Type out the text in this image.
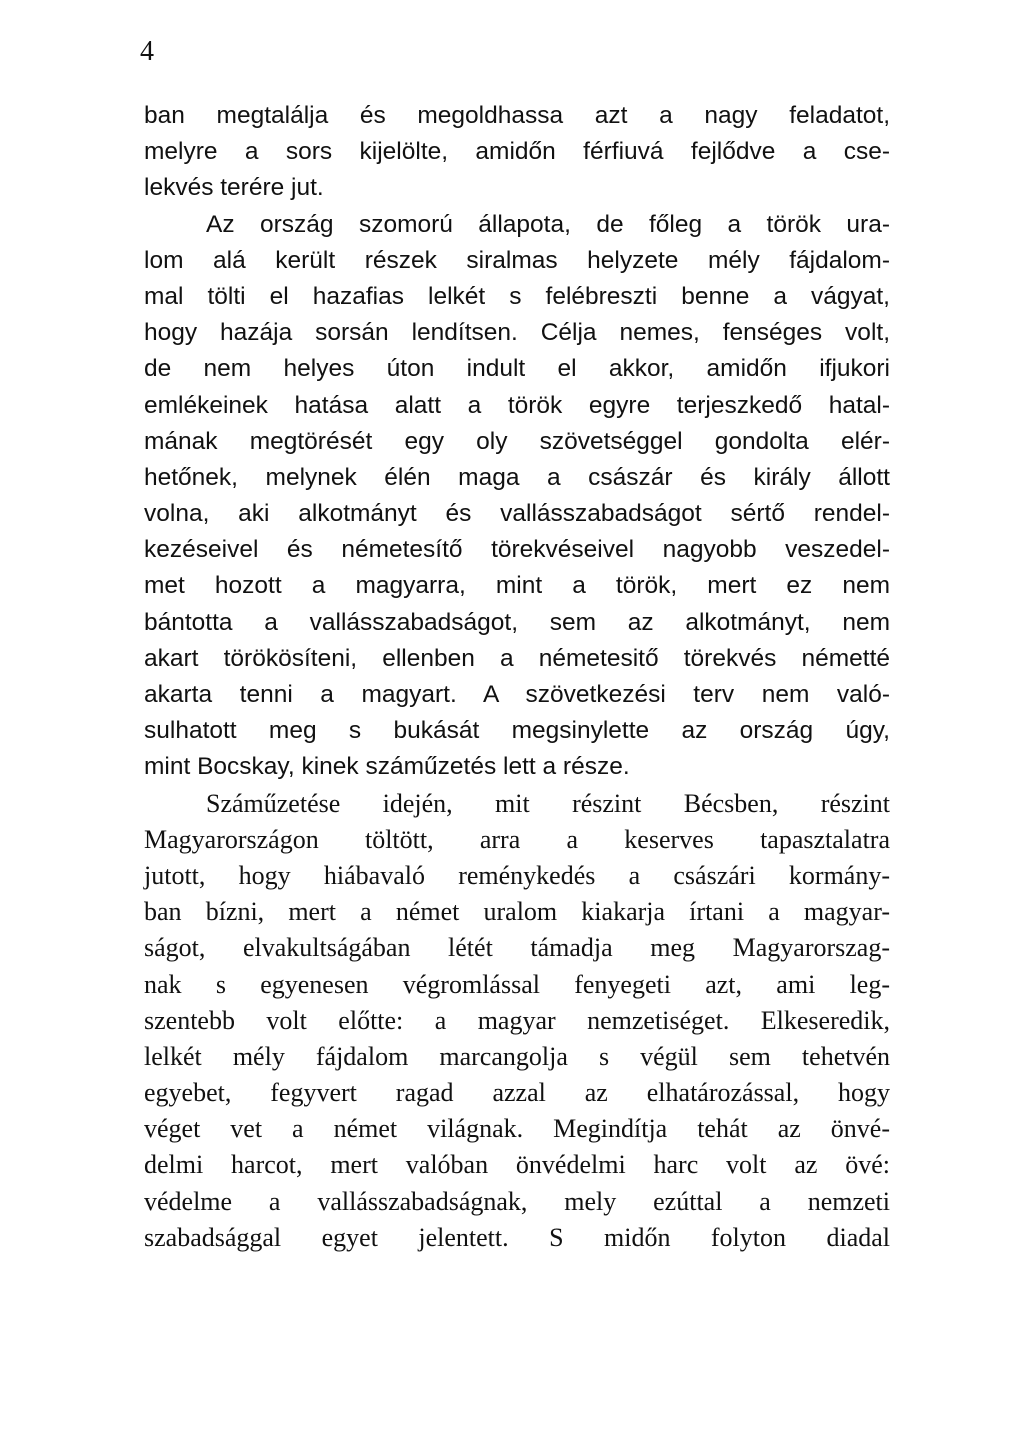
4
ban megtalálja és megoldhassa azt a nagy feladatot,
melyre a sors kijelölte, amidőn férfiuvá fejlődve a cse-
lekvés terére jut.
Az ország szomorú állapota, de főleg a török ura-
lom alá került részek siralmas helyzete mély fájdalom-
mal tölti el hazafias lelkét s felébreszti benne a vágyat,
hogy hazája sorsán lendítsen. Célja nemes, fenséges volt,
de nem helyes úton indult el akkor, amidőn ifjukori
emlékeinek hatása alatt a török egyre terjeszkedő hatal-
mának megtörését egy oly szövetséggel gondolta elér-
hetőnek, melynek élén maga a császár és király állott
volna, aki alkotmányt és vallásszabadságot sértő rendel-
kezéseivel és németesítő törekvéseivel nagyobb veszedel-
met hozott a magyarra, mint a török, mert ez nem
bántotta a vallásszabadságot, sem az alkotmányt, nem
akart törökösíteni, ellenben a németesitő törekvés németté
akarta tenni a magyart. A szövetkezési terv nem való-
sulhatott meg s bukását megsinylette az ország úgy,
mint Bocskay, kinek száműzetés lett a része.
Száműzetése idején, mit részint Bécsben, részint
Magyarországon töltött, arra a keserves tapasztalatra
jutott, hogy hiábavaló reménykedés a császári kormány-
ban bízni, mert a német uralom kiakarja írtani a magyar-
ságot, elvakultságában létét támadja meg Magyarorszag-
nak s egyenesen végromlással fenyegeti azt, ami leg-
szentebb volt előtte: a magyar nemzetiséget. Elkeseredik,
lelkét mély fájdalom marcangolja s végül sem tehetvén
egyebet, fegyvert ragad azzal az elhatározással, hogy
véget vet a német világnak. Megindítja tehát az önvé-
delmi harcot, mert valóban önvédelmi harc volt az övé:
védelme a vallásszabadságnak, mely ezúttal a nemzeti
szabadsággal egyet jelentett. S midőn folyton diadal
